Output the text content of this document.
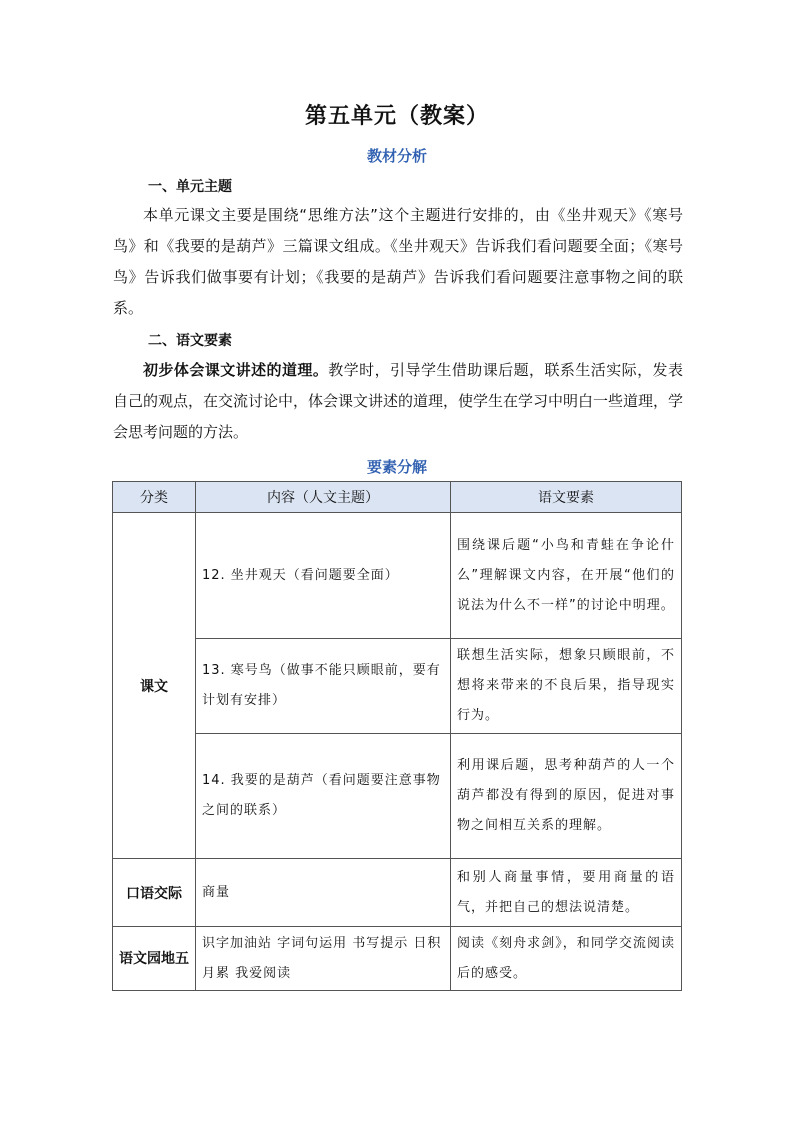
第五单元（教案）
教材分析
一、单元主题
本单元课文主要是围绕“思维方法”这个主题进行安排的，由《坐井观天》《寒号鸟》和《我要的是葫芦》三篇课文组成。《坐井观天》告诉我们看问题要全面；《寒号鸟》告诉我们做事要有计划；《我要的是葫芦》告诉我们看问题要注意事物之间的联系。
二、语文要素
初步体会课文讲述的道理。教学时，引导学生借助课后题，联系生活实际，发表自己的观点，在交流讨论中，体会课文讲述的道理，使学生在学习中明白一些道理，学会思考问题的方法。
要素分解
分类	内容（人文主题）	语文要素
课文	12. 坐井观天（看问题要全面）	围绕课后题“小鸟和青蛙在争论什么”理解课文内容，在开展“他们的说法为什么不一样”的讨论中明理。
	13. 寒号鸟（做事不能只顾眼前，要有计划有安排）	联想生活实际，想象只顾眼前，不想将来带来的不良后果，指导现实行为。
	14. 我要的是葫芦（看问题要注意事物之间的联系）	利用课后题，思考种葫芦的人一个葫芦都没有得到的原因，促进对事物之间相互关系的理解。
口语交际	商量	和别人商量事情，要用商量的语气，并把自己的想法说清楚。
语文园地五	识字加油站 字词句运用 书写提示 日积月累 我爱阅读	阅读《刻舟求剑》，和同学交流阅读后的感受。
